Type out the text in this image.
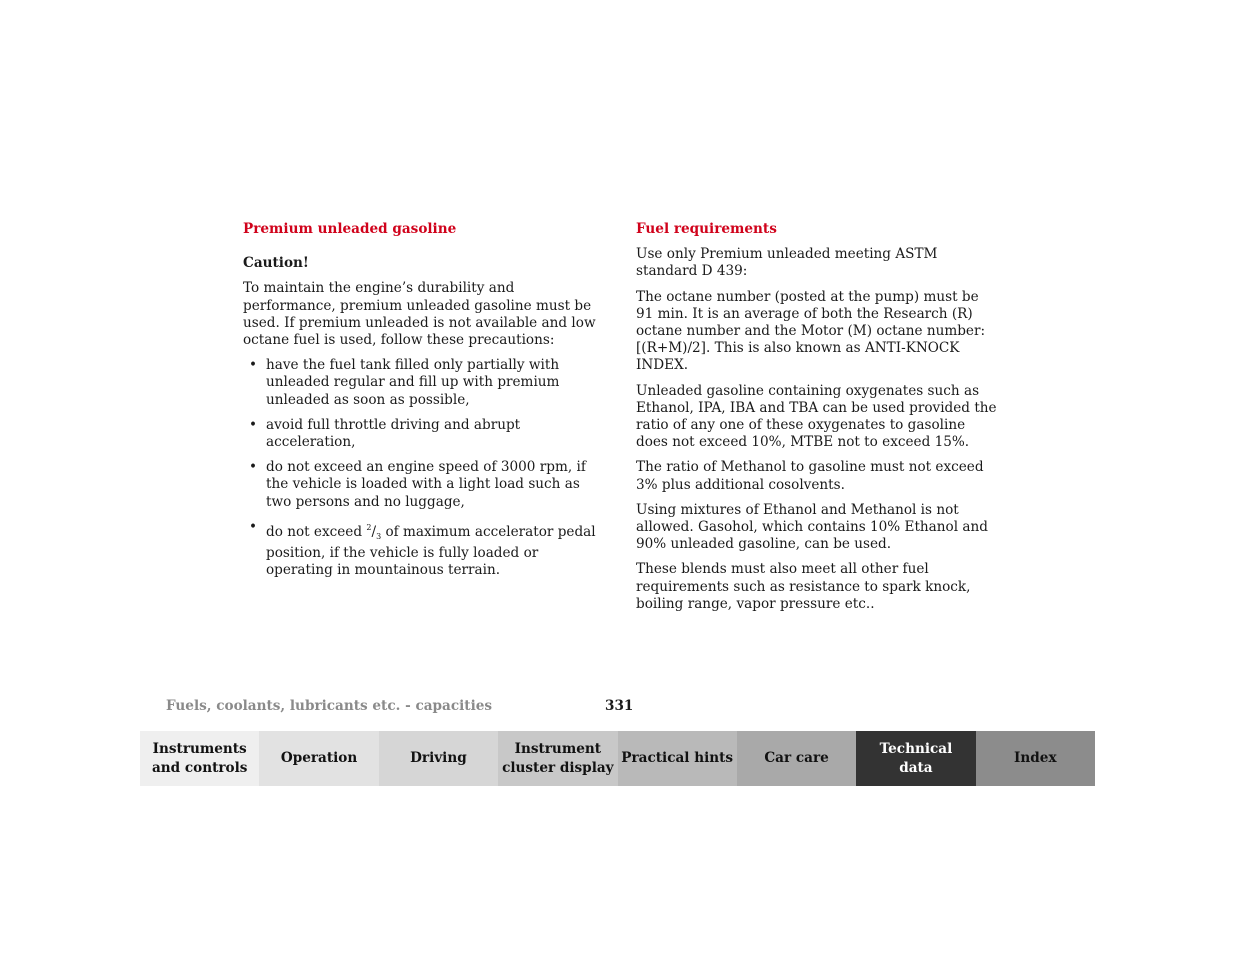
Premium unleaded gasoline
Caution!

To maintain the engine’s durability and performance, premium unleaded gasoline must be used. If premium unleaded is not available and low octane fuel is used, follow these precautions:

• have the fuel tank filled only partially with unleaded regular and fill up with premium unleaded as soon as possible,
• avoid full throttle driving and abrupt acceleration,
• do not exceed an engine speed of 3000 rpm, if the vehicle is loaded with a light load such as two persons and no luggage,
• do not exceed $^2/_3$ of maximum accelerator pedal position, if the vehicle is fully loaded or operating in mountainous terrain.
Fuel requirements

Use only Premium unleaded meeting ASTM standard D 439:

The octane number (posted at the pump) must be 91 min. It is an average of both the Research (R) octane number and the Motor (M) octane number: [(R+M)/2]. This is also known as ANTI-KNOCK INDEX.

Unleaded gasoline containing oxygenates such as Ethanol, IPA, IBA and TBA can be used provided the ratio of any one of these oxygenates to gasoline does not exceed 10%, MTBE not to exceed 15%.

The ratio of Methanol to gasoline must not exceed 3% plus additional cosolvents.

Using mixtures of Ethanol and Methanol is not allowed. Gasohol, which contains 10% Ethanol and 90% unleaded gasoline, can be used.

These blends must also meet all other fuel requirements such as resistance to spark knock, boiling range, vapor pressure etc..

Fuels, coolants, lubricants etc. - capacities	331
Instruments
and controls
Operation	Driving
Instrument
cluster display
Practical hints	Car care
Technical
data
Index
